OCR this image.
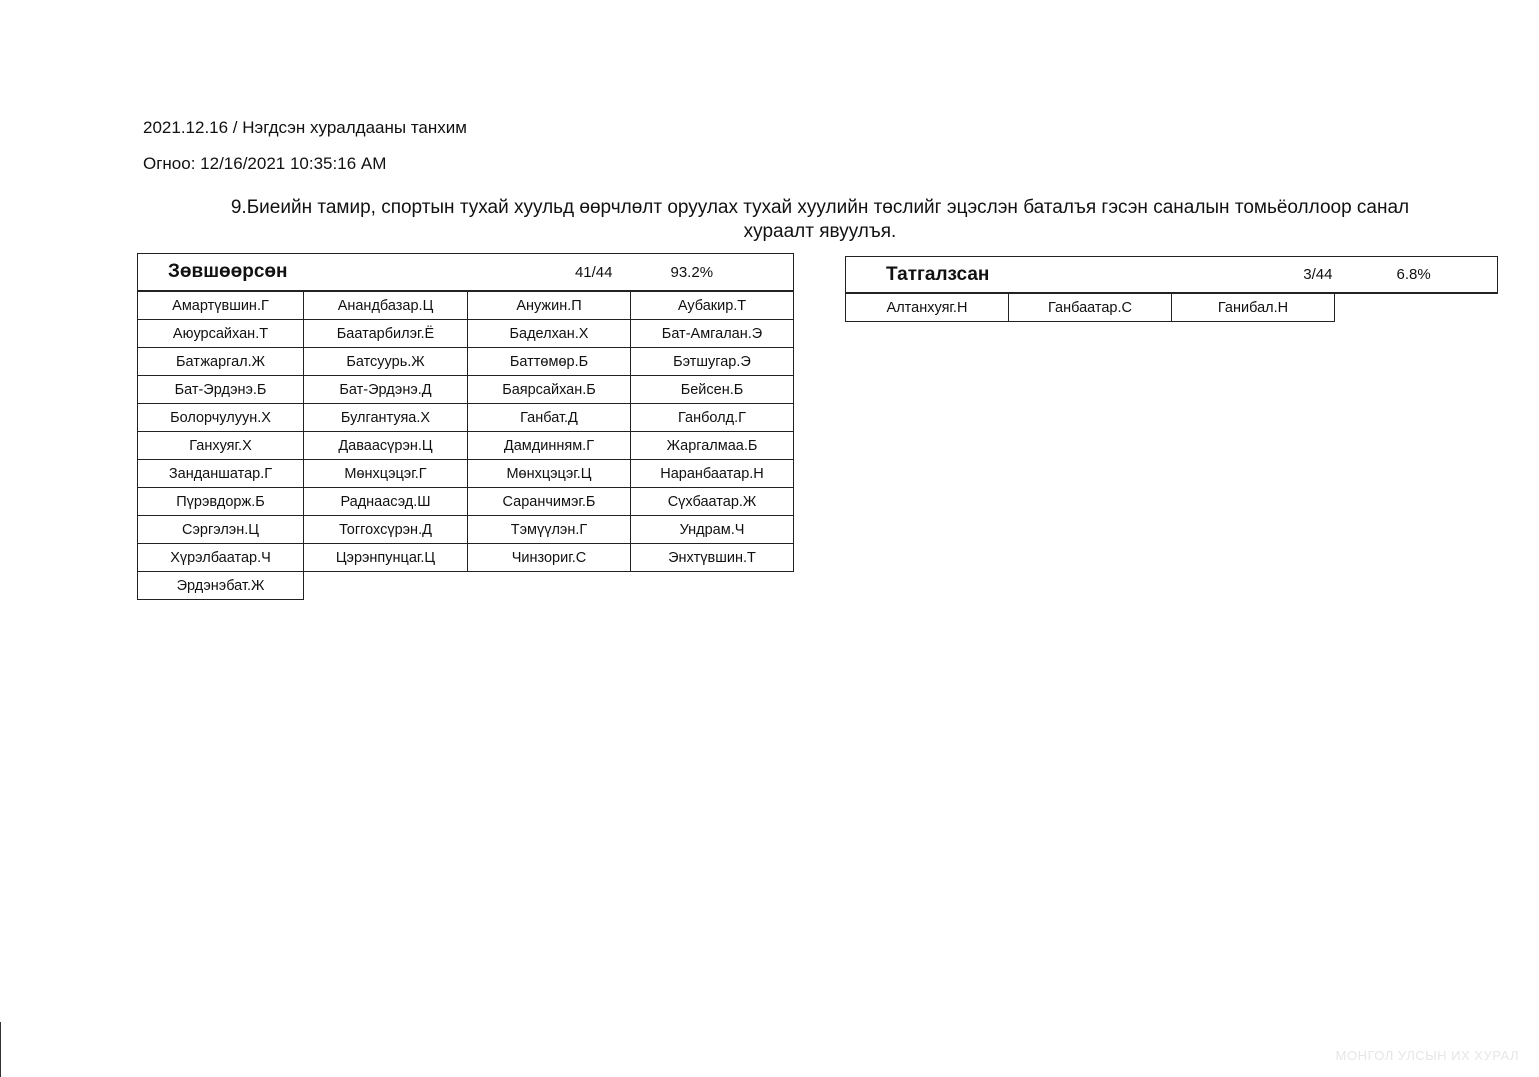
2021.12.16 / Нэгдсэн хуралдааны танхим
Огноо: 12/16/2021 10:35:16 AM
9.Биеийн тамир, спортын тухай хуульд өөрчлөлт оруулах тухай хуулийн төслийг эцэслэн баталъя гэсэн саналын томьёоллоор санал
хураалт явуулъя.
Зөвшөөрсөн		41/44	93.2%
Амартүвшин.Г	Анандбазар.Ц	Анужин.П	Аубакир.Т
Аюурсайхан.Т	Баатарбилэг.Ё	Баделхан.Х	Бат-Амгалан.Э
Батжаргал.Ж	Батсуурь.Ж	Баттөмөр.Б	Бэтшугар.Э
Бат-Эрдэнэ.Б	Бат-Эрдэнэ.Д	Баярсайхан.Б	Бейсен.Б
Болорчулуун.Х	Булгантуяа.Х	Ганбат.Д	Ганболд.Г
Ганхуяг.Х	Даваасүрэн.Ц	Дамдинням.Г	Жаргалмаа.Б
Занданшатар.Г	Мөнхцэцэг.Г	Мөнхцэцэг.Ц	Наранбаатар.Н
Пүрэвдорж.Б	Раднаасэд.Ш	Саранчимэг.Б	Сүхбаатар.Ж
Сэргэлэн.Ц	Тоггохсүрэн.Д	Тэмүүлэн.Г	Ундрам.Ч
Хүрэлбаатар.Ч	Цэрэнпунцаг.Ц	Чинзориг.С	Энхтүвшин.Т
Эрдэнэбат.Ж			
Татгалзсан		3/44	6.8%
Алтанхуяг.Н	Ганбаатар.С	Ганибал.Н	
МОНГОЛ УЛСЫН ИХ ХУРАЛ
